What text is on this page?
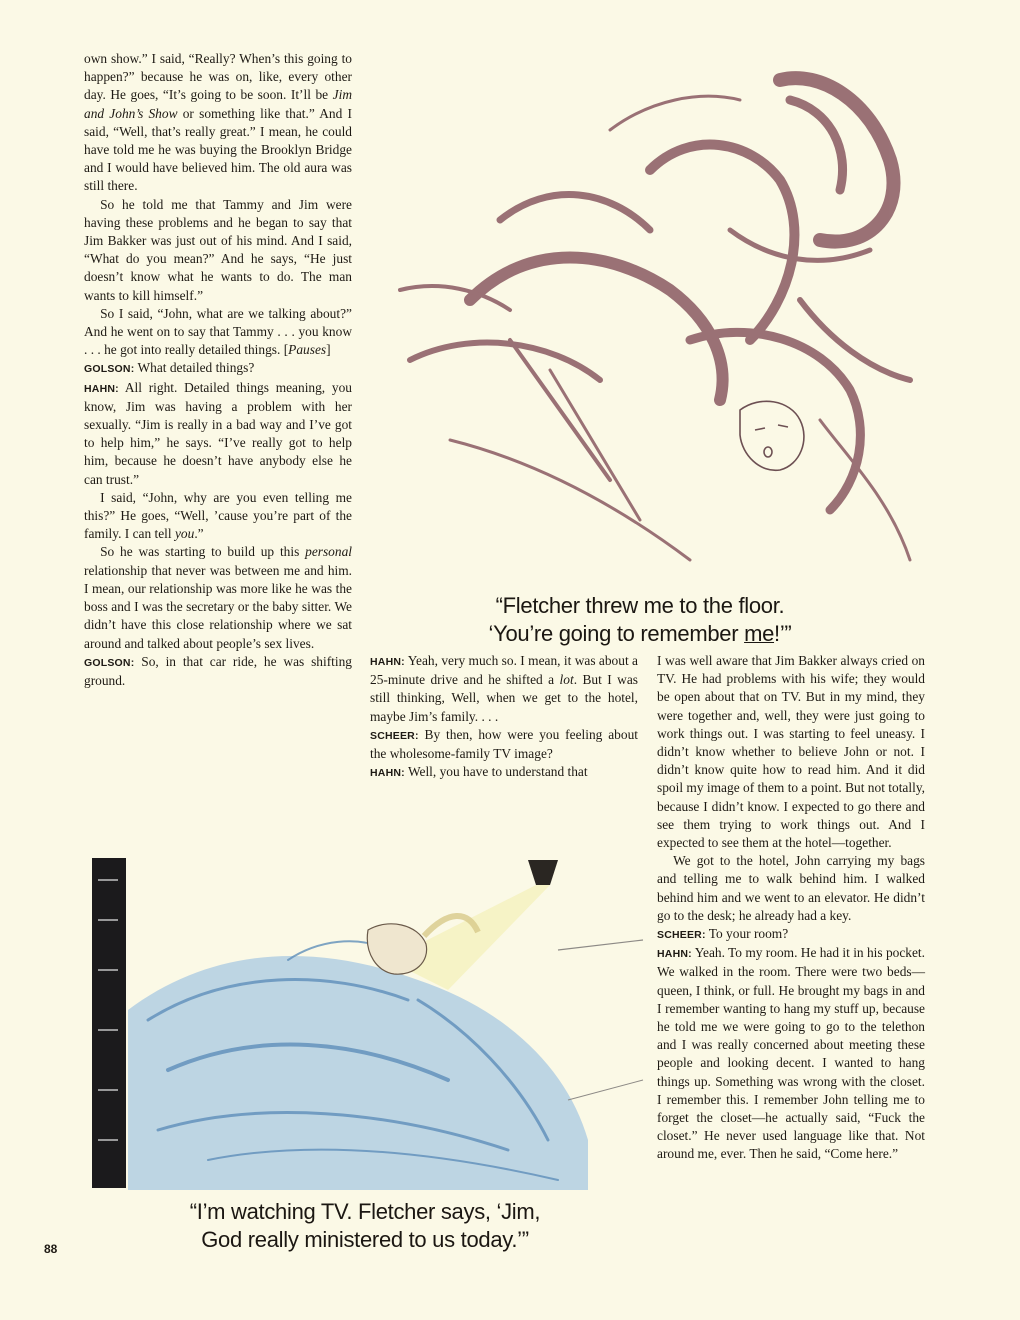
own show.” I said, “Really? When’s this going to happen?” because he was on, like, every other day. He goes, “It’s going to be soon. It’ll be Jim and John’s Show or something like that.” And I said, “Well, that’s really great.” I mean, he could have told me he was buying the Brooklyn Bridge and I would have believed him. The old aura was still there.

So he told me that Tammy and Jim were having these problems and he began to say that Jim Bakker was just out of his mind. And I said, “What do you mean?” And he says, “He just doesn’t know what he wants to do. The man wants to kill himself.”

So I said, “John, what are we talking about?” And he went on to say that Tammy . . . you know . . . he got into really detailed things. [Pauses]

GOLSON: What detailed things?

HAHN: All right. Detailed things meaning, you know, Jim was having a problem with her sexually. “Jim is really in a bad way and I’ve got to help him,” he says. “I’ve really got to help him, because he doesn’t have anybody else he can trust.”

I said, “John, why are you even telling me this?” He goes, “Well, ’cause you’re part of the family. I can tell you.”

So he was starting to build up this personal relationship that never was between me and him. I mean, our relationship was more like he was the boss and I was the secretary or the baby sitter. We didn’t have this close relationship where we sat around and talked about people’s sex lives.

GOLSON: So, in that car ride, he was shifting ground.

“Fletcher threw me to the floor.
‘You’re going to remember me!’”

HAHN: Yeah, very much so. I mean, it was about a 25-minute drive and he shifted a lot. But I was still thinking, Well, when we get to the hotel, maybe Jim’s family. . . .

SCHEER: By then, how were you feeling about the wholesome-family TV image?

HAHN: Well, you have to understand that

I was well aware that Jim Bakker always cried on TV. He had problems with his wife; they would be open about that on TV. But in my mind, they were together and, well, they were just going to work things out. I was starting to feel uneasy. I didn’t know whether to believe John or not. I didn’t know quite how to read him. And it did spoil my image of them to a point. But not totally, because I didn’t know. I expected to go there and see them trying to work things out. And I expected to see them at the hotel—together.

We got to the hotel, John carrying my bags and telling me to walk behind him. I walked behind him and we went to an elevator. He didn’t go to the desk; he already had a key.

SCHEER: To your room?

HAHN: Yeah. To my room. He had it in his pocket. We walked in the room. There were two beds—queen, I think, or full. He brought my bags in and I remember wanting to hang my stuff up, because he told me we were going to go to the telethon and I was really concerned about meeting these people and looking decent. I wanted to hang things up. Something was wrong with the closet. I remember this. I remember John telling me to forget the closet—he actually said, “Fuck the closet.” He never used language like that. Not around me, ever. Then he said, “Come here.”

“I’m watching TV. Fletcher says, ‘Jim,
God really ministered to us today.’”
88
